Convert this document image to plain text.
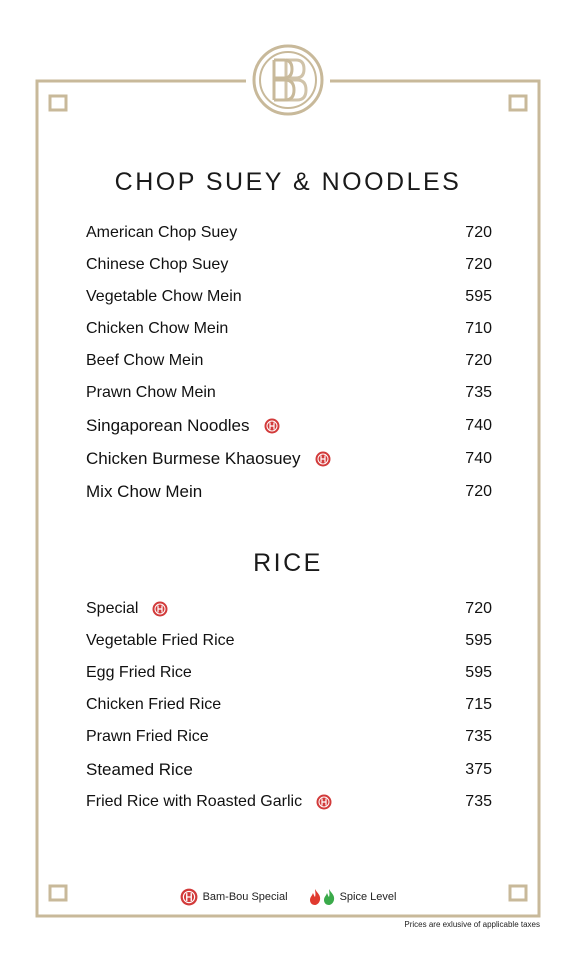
CHOP SUEY & NOODLES
American Chop Suey	720
Chinese Chop Suey	720
Vegetable Chow Mein	595
Chicken Chow Mein	710
Beef Chow Mein	720
Prawn Chow Mein	735
Singaporean Noodles	740
Chicken Burmese Khaosuey	740
Mix Chow Mein	720
RICE
Special	720
Vegetable Fried Rice	595
Egg Fried Rice	595
Chicken Fried Rice	715
Prawn Fried Rice	735
Steamed Rice	375
Fried Rice with Roasted Garlic	735
Bam-Bou Special	Spice Level
Prices are exlusive of applicable taxes
